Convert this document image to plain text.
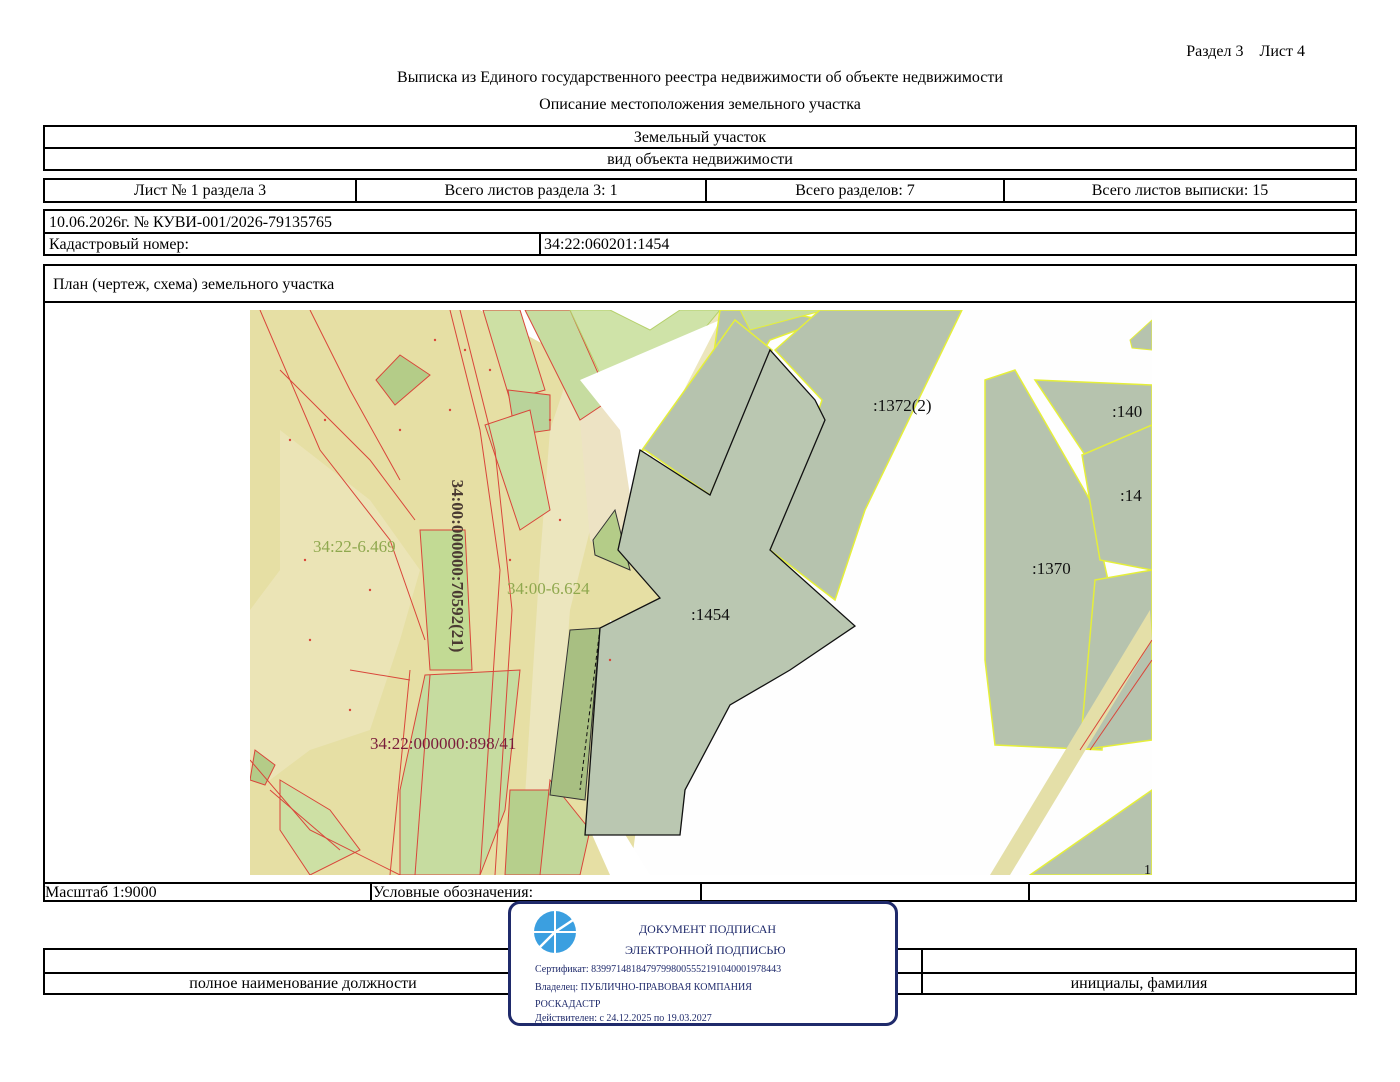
Раздел 3    Лист 4
Выписка из Единого государственного реестра недвижимости об объекте недвижимости
Описание местоположения земельного участка
Земельный участок
вид объекта недвижимости
Лист № 1 раздела 3	Всего листов раздела 3: 1	Всего разделов: 7	Всего листов выписки: 15
10.06.2026г. № КУВИ-001/2026-79135765
Кадастровый номер:	34:22:060201:1454
План (чертеж, схема) земельного участка
Масштаб 1:9000	Условные обозначения:
:1372(2)	:140
:14
:1370
:1454
34:22-6.469
34:00-6.624
34:00:000000:70592(21)
34:22:000000:898/41
1
полное наименование должности	инициалы, фамилия
ДОКУМЕНТ ПОДПИСАН
ЭЛЕКТРОННОЙ ПОДПИСЬЮ
Сертификат: 83997148184797998005552191040001978443
Владелец: ПУБЛИЧНО-ПРАВОВАЯ КОМПАНИЯ
РОСКАДАСТР
Действителен: с 24.12.2025 по 19.03.2027
